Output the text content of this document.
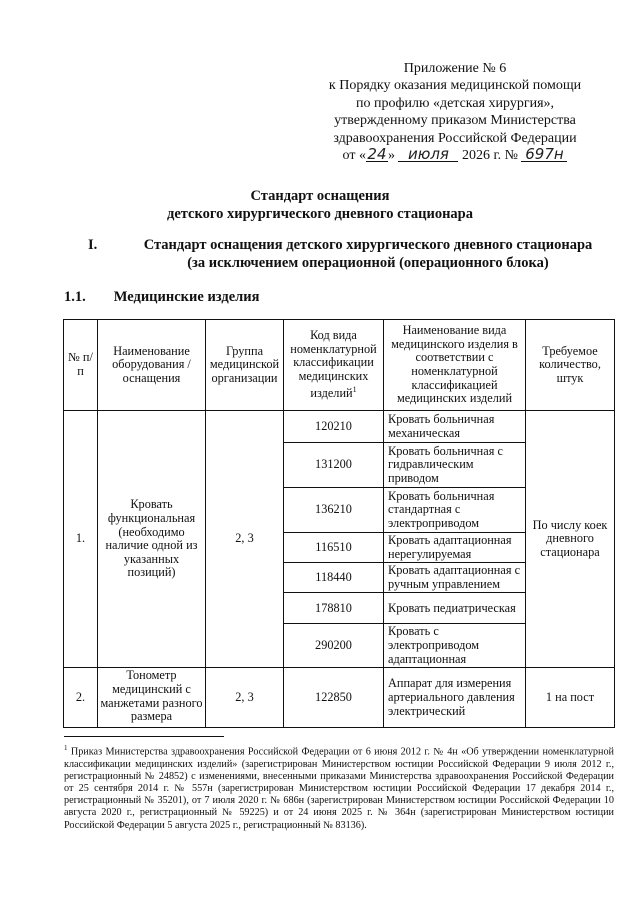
Приложение № 6
к Порядку оказания медицинской помощи
по профилю «детская хирургия»,
утвержденному приказом Министерства
здравоохранения Российской Федерации
от «24» июля 2026 г. № 697н
Стандарт оснащения
детского хирургического дневного стационара
I.	Стандарт оснащения детского хирургического дневного стационара
(за исключением операционной (операционного блока)
1.1. Медицинские изделия
№ п/п	Наименование оборудования / оснащения	Группа медицинской организации	Код вида номенклатурной классификации медицинских изделий$^1$	Наименование вида медицинского изделия в соответствии с номенклатурной классификацией медицинских изделий	Требуемое количество, штук
1.	Кровать функциональная (необходимо наличие одной из указанных позиций)	2, 3	120210	Кровать больничная механическая	По числу коек дневного стационара
			131200	Кровать больничная с гидравлическим приводом	
			136210	Кровать больничная стандартная с электроприводом	
			116510	Кровать адаптационная нерегулируемая	
			118440	Кровать адаптационная с ручным управлением	
			178810	Кровать педиатрическая	
			290200	Кровать с электроприводом адаптационная	
2.	Тонометр медицинский с манжетами разного размера	2, 3	122850	Аппарат для измерения артериального давления электрический	1 на пост
$^1$ Приказ Министерства здравоохранения Российской Федерации от 6 июня 2012 г. № 4н «Об утверждении номенклатурной классификации медицинских изделий» (зарегистрирован Министерством юстиции Российской Федерации 9 июля 2012 г., регистрационный № 24852) с изменениями, внесенными приказами Министерства здравоохранения Российской Федерации от 25 сентября 2014 г. № 557н (зарегистрирован Министерством юстиции Российской Федерации 17 декабря 2014 г., регистрационный № 35201), от 7 июля 2020 г. № 686н (зарегистрирован Министерством юстиции Российской Федерации 10 августа 2020 г., регистрационный № 59225) и от 24 июня 2025 г. № 364н (зарегистрирован Министерством юстиции Российской Федерации 5 августа 2025 г., регистрационный № 83136).
